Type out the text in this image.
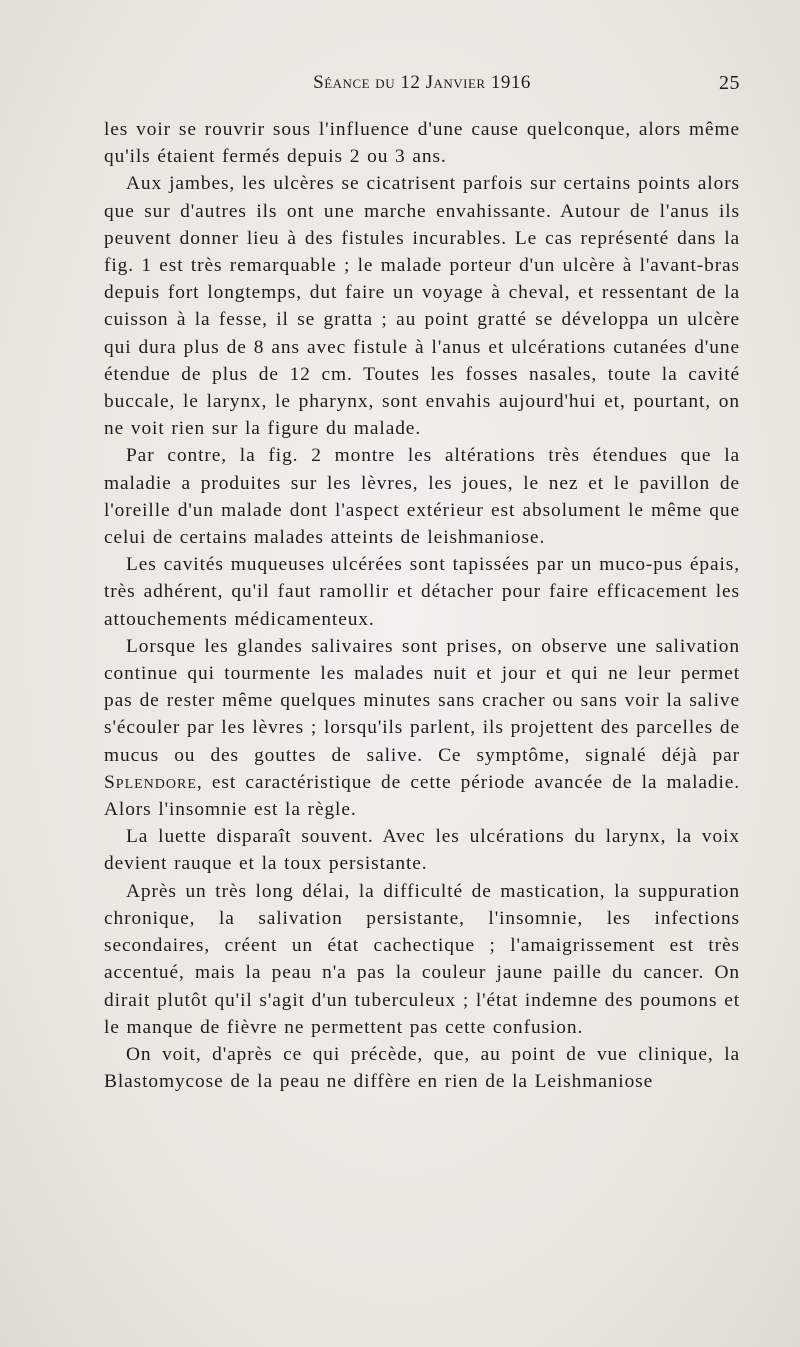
Séance du 12 Janvier 1916	25

les voir se rouvrir sous l'influence d'une cause quelconque, alors même qu'ils étaient fermés depuis 2 ou 3 ans.

Aux jambes, les ulcères se cicatrisent parfois sur certains points alors que sur d'autres ils ont une marche envahissante. Autour de l'anus ils peuvent donner lieu à des fistules incurables. Le cas représenté dans la fig. 1 est très remarquable ; le malade porteur d'un ulcère à l'avant-bras depuis fort longtemps, dut faire un voyage à cheval, et ressentant de la cuisson à la fesse, il se gratta ; au point gratté se développa un ulcère qui dura plus de 8 ans avec fistule à l'anus et ulcérations cutanées d'une étendue de plus de 12 cm. Toutes les fosses nasales, toute la cavité buccale, le larynx, le pharynx, sont envahis aujourd'hui et, pourtant, on ne voit rien sur la figure du malade.

Par contre, la fig. 2 montre les altérations très étendues que la maladie a produites sur les lèvres, les joues, le nez et le pavillon de l'oreille d'un malade dont l'aspect extérieur est absolument le même que celui de certains malades atteints de leishmaniose.

Les cavités muqueuses ulcérées sont tapissées par un muco-pus épais, très adhérent, qu'il faut ramollir et détacher pour faire efficacement les attouchements médicamenteux.

Lorsque les glandes salivaires sont prises, on observe une salivation continue qui tourmente les malades nuit et jour et qui ne leur permet pas de rester même quelques minutes sans cracher ou sans voir la salive s'écouler par les lèvres ; lorsqu'ils parlent, ils projettent des parcelles de mucus ou des gouttes de salive. Ce symptôme, signalé déjà par Splendore, est caractéristique de cette période avancée de la maladie. Alors l'insomnie est la règle.

La luette disparaît souvent. Avec les ulcérations du larynx, la voix devient rauque et la toux persistante.

Après un très long délai, la difficulté de mastication, la suppuration chronique, la salivation persistante, l'insomnie, les infections secondaires, créent un état cachectique ; l'amaigrissement est très accentué, mais la peau n'a pas la couleur jaune paille du cancer. On dirait plutôt qu'il s'agit d'un tuberculeux ; l'état indemne des poumons et le manque de fièvre ne permettent pas cette confusion.

On voit, d'après ce qui précède, que, au point de vue clinique, la Blastomycose de la peau ne diffère en rien de la Leishmaniose
